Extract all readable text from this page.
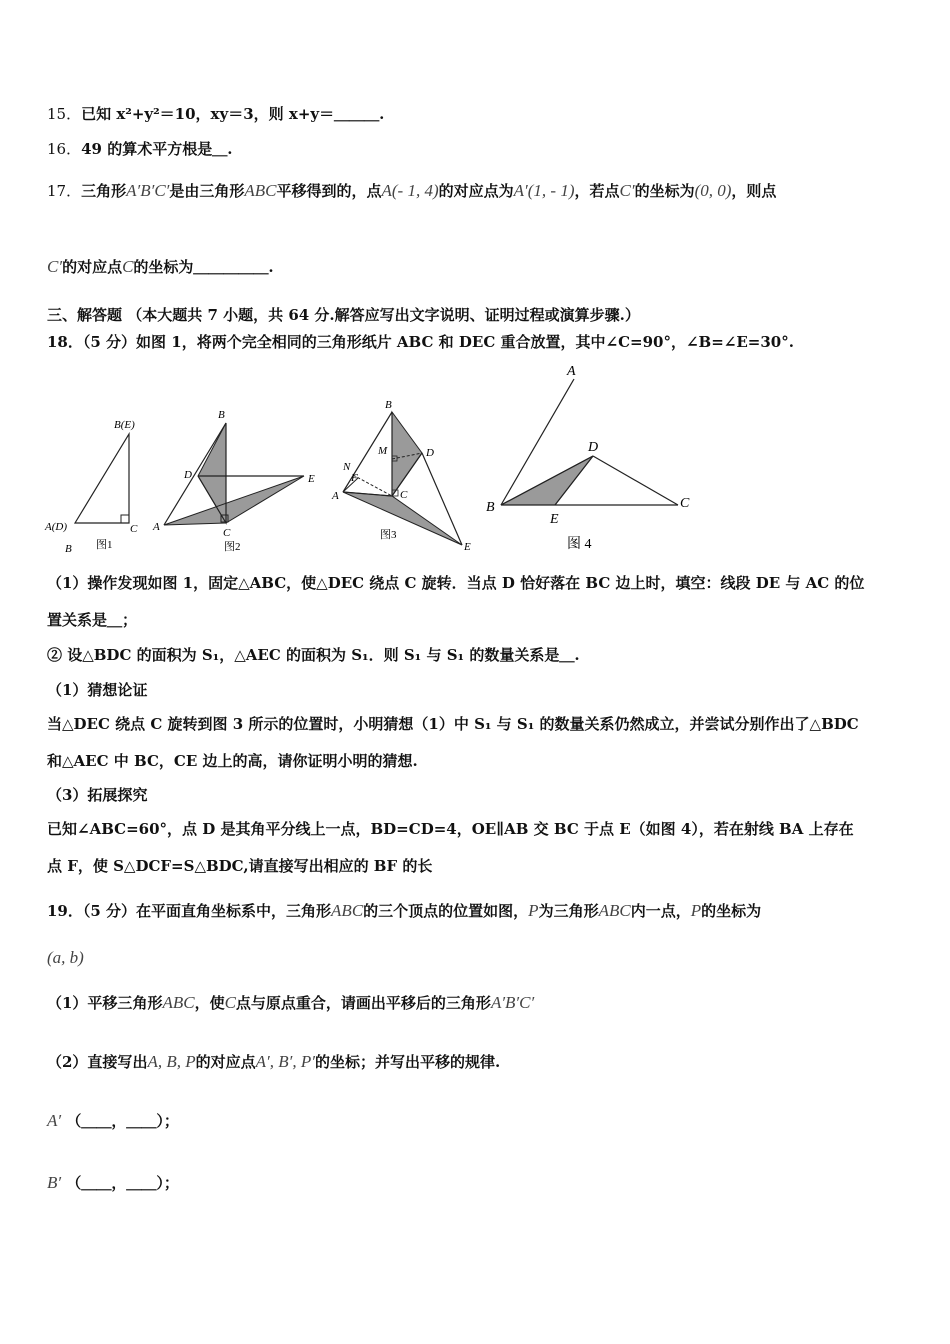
15．已知 x²+y²＝10，xy＝3，则 x+y＝＿＿＿.
16．49 的算术平方根是＿.
17．三角形A′B′C′是由三角形ABC平移得到的，点A(- 1, 4)的对应点为A′(1, - 1)，若点C′的坐标为(0, 0)，则点
C′的对应点C的坐标为＿＿＿＿＿.
三、解答题 （本大题共 7 小题，共 64 分.解答应写出文字说明、证明过程或演算步骤.）
18．（5 分）如图 1，将两个完全相同的三角形纸片 ABC 和 DEC 重合放置，其中∠C=90°，∠B=∠E=30°.
B(E)
A(D)	C
B 图1
B
D	E
A	C
图2
B
M	D
N
F
A	C
E
图3
A
D
B
E
C
图 4
（1）操作发现如图 1，固定△ABC，使△DEC 绕点 C 旋转．当点 D 恰好落在 BC 边上时，填空：线段 DE 与 AC 的位
置关系是＿；
② 设△BDC 的面积为 S₁，△AEC 的面积为 S₁．则 S₁ 与 S₁ 的数量关系是＿.
（1）猜想论证
当△DEC 绕点 C 旋转到图 3 所示的位置时，小明猜想（1）中 S₁ 与 S₁ 的数量关系仍然成立，并尝试分别作出了△BDC
和△AEC 中 BC，CE 边上的高，请你证明小明的猜想.
（3）拓展探究
已知∠ABC=60°，点 D 是其角平分线上一点，BD=CD=4，OE∥AB 交 BC 于点 E（如图 4），若在射线 BA 上存在
点 F，使 S△DCF=S△BDC,请直接写出相应的 BF 的长
19．（5 分）在平面直角坐标系中，三角形ABC的三个顶点的位置如图，P为三角形ABC内一点，P的坐标为
(a, b)
（1）平移三角形ABC，使C点与原点重合，请画出平移后的三角形A′B′C′
（2）直接写出A, B, P的对应点A′, B′, P′的坐标；并写出平移的规律.
A′ （＿＿，＿＿）；
B′ （＿＿，＿＿）；
